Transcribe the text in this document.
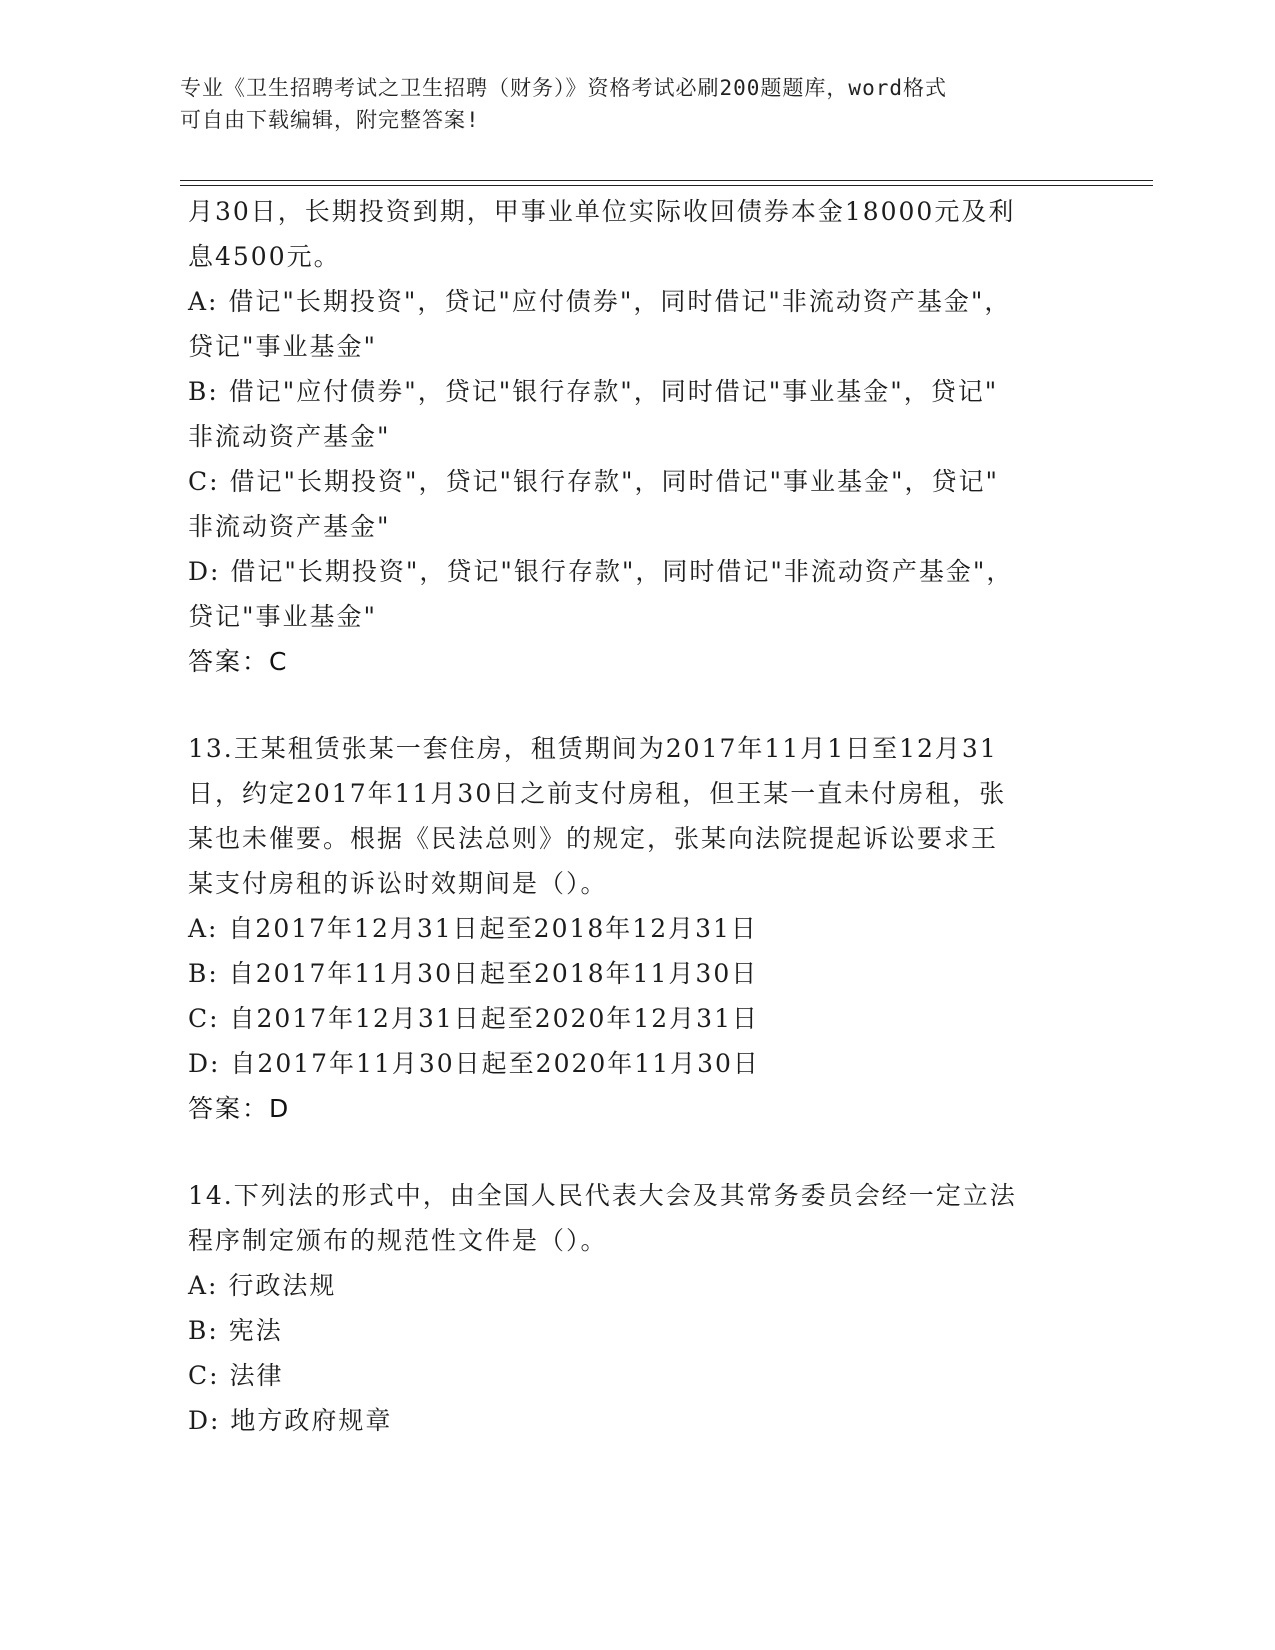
专业《卫生招聘考试之卫生招聘（财务）》资格考试必刷200题题库，word格式
可自由下载编辑，附完整答案!
月30日，长期投资到期，甲事业单位实际收回债券本金18000元及利
息4500元。
A: 借记"长期投资"，贷记"应付债券"，同时借记"非流动资产基金"，
贷记"事业基金"
B: 借记"应付债券"，贷记"银行存款"，同时借记"事业基金"，贷记"
非流动资产基金"
C: 借记"长期投资"，贷记"银行存款"，同时借记"事业基金"，贷记"
非流动资产基金"
D: 借记"长期投资"，贷记"银行存款"，同时借记"非流动资产基金"，
贷记"事业基金"
答案：C
13.王某租赁张某一套住房，租赁期间为2017年11月1日至12月31
日，约定2017年11月30日之前支付房租，但王某一直未付房租，张
某也未催要。根据《民法总则》的规定，张某向法院提起诉讼要求王
某支付房租的诉讼时效期间是（）。
A: 自2017年12月31日起至2018年12月31日
B: 自2017年11月30日起至2018年11月30日
C: 自2017年12月31日起至2020年12月31日
D: 自2017年11月30日起至2020年11月30日
答案：D
14.下列法的形式中，由全国人民代表大会及其常务委员会经一定立法
程序制定颁布的规范性文件是（）。
A: 行政法规
B: 宪法
C: 法律
D: 地方政府规章
